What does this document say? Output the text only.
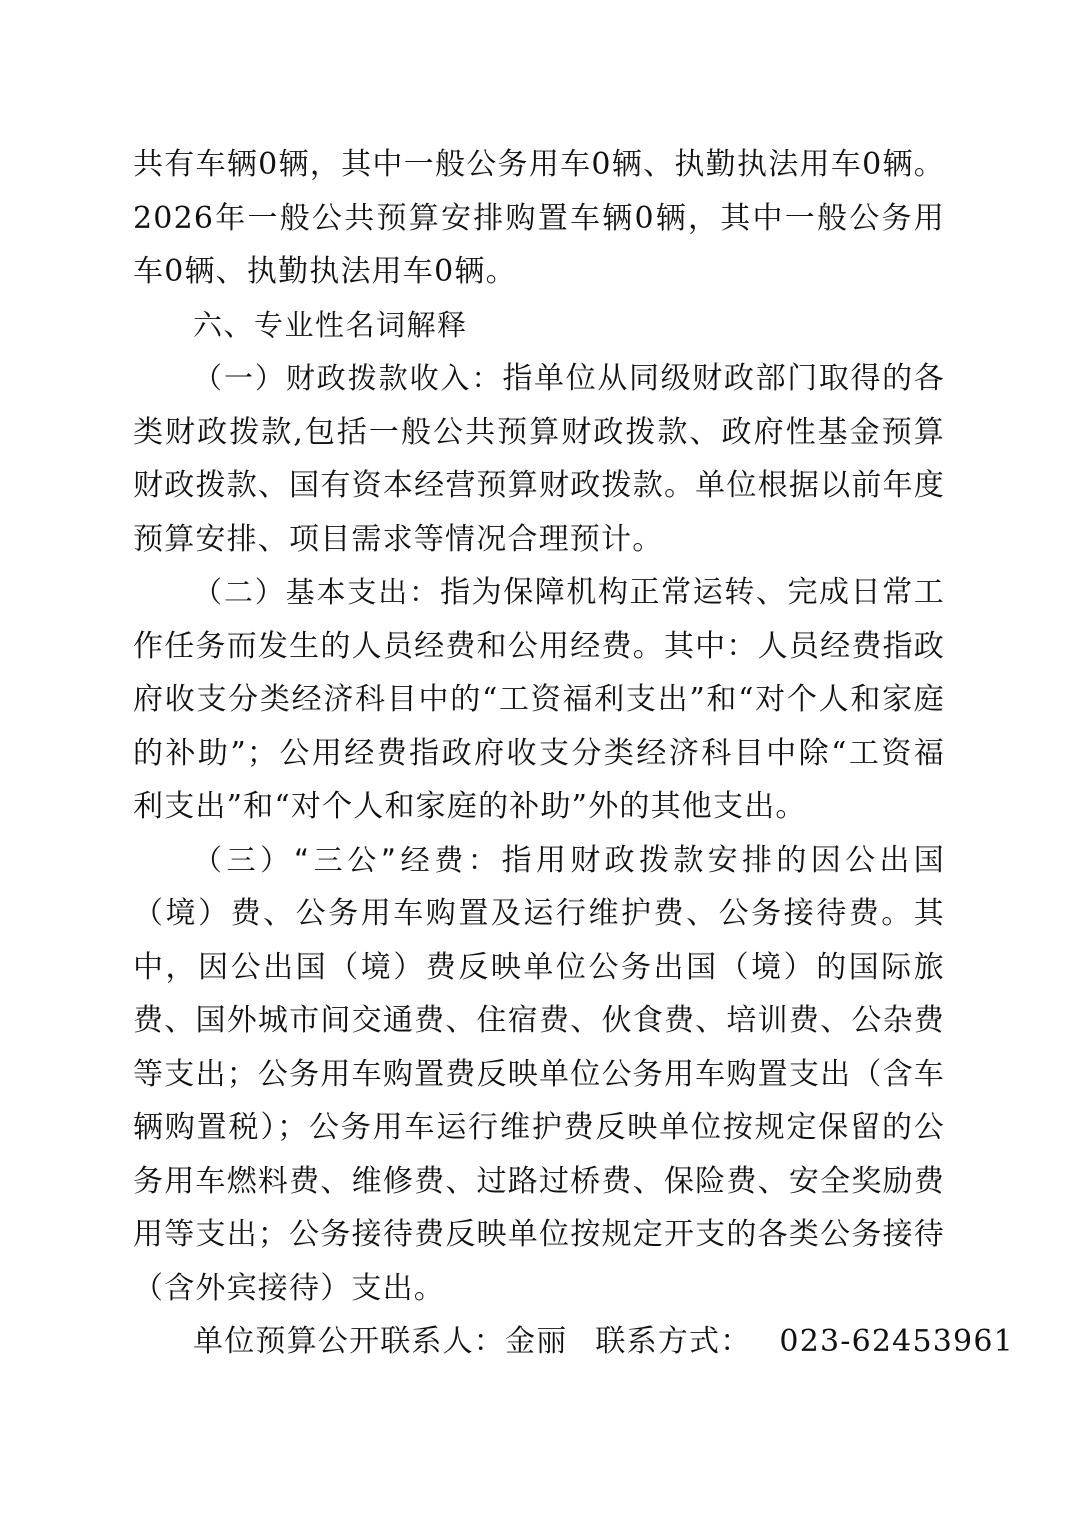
共有车辆0辆，其中一般公务用车0辆、执勤执法用车0辆。2026年一般公共预算安排购置车辆0辆，其中一般公务用车0辆、执勤执法用车0辆。

六、专业性名词解释

（一）财政拨款收入：指单位从同级财政部门取得的各类财政拨款,包括一般公共预算财政拨款、政府性基金预算财政拨款、国有资本经营预算财政拨款。单位根据以前年度预算安排、项目需求等情况合理预计。

（二）基本支出：指为保障机构正常运转、完成日常工作任务而发生的人员经费和公用经费。其中：人员经费指政府收支分类经济科目中的“工资福利支出”和“对个人和家庭的补助”；公用经费指政府收支分类经济科目中除“工资福利支出”和“对个人和家庭的补助”外的其他支出。

（三）“三公”经费：指用财政拨款安排的因公出国（境）费、公务用车购置及运行维护费、公务接待费。其中，因公出国（境）费反映单位公务出国（境）的国际旅费、国外城市间交通费、住宿费、伙食费、培训费、公杂费等支出；公务用车购置费反映单位公务用车购置支出（含车辆购置税）；公务用车运行维护费反映单位按规定保留的公务用车燃料费、维修费、过路过桥费、保险费、安全奖励费用等支出；公务接待费反映单位按规定开支的各类公务接待（含外宾接待）支出。

单位预算公开联系人：金丽 联系方式： 023-62453961
